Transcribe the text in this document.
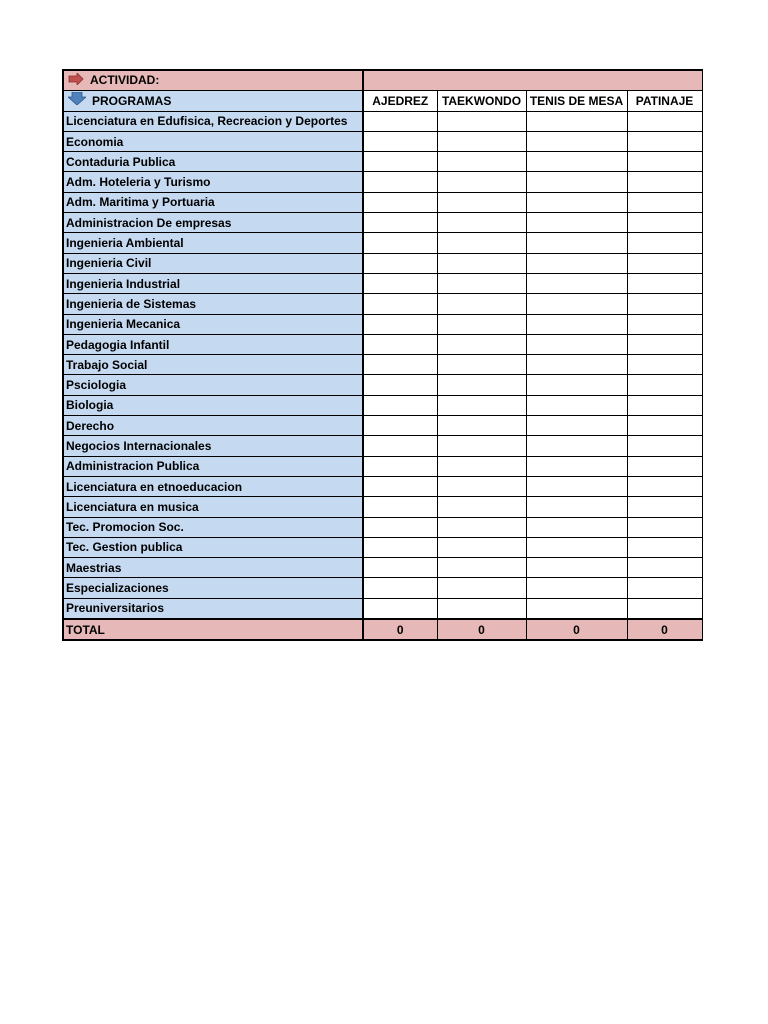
ACTIVIDAD:				
PROGRAMAS	AJEDREZ	TAEKWONDO	TENIS DE MESA	PATINAJE
Licenciatura en Edufisica, Recreacion y Deportes				
Economia				
Contaduria Publica				
Adm. Hoteleria y Turismo				
Adm. Maritima y Portuaria				
Administracion De empresas				
Ingenieria Ambiental				
Ingenieria Civil				
Ingenieria Industrial				
Ingenieria de Sistemas				
Ingenieria Mecanica				
Pedagogia Infantil				
Trabajo Social				
Psciologia				
Biologia				
Derecho				
Negocios Internacionales				
Administracion Publica				
Licenciatura en etnoeducacion				
Licenciatura en musica				
Tec. Promocion Soc.				
Tec. Gestion publica				
Maestrias				
Especializaciones				
Preuniversitarios				
TOTAL	0	0	0	0
